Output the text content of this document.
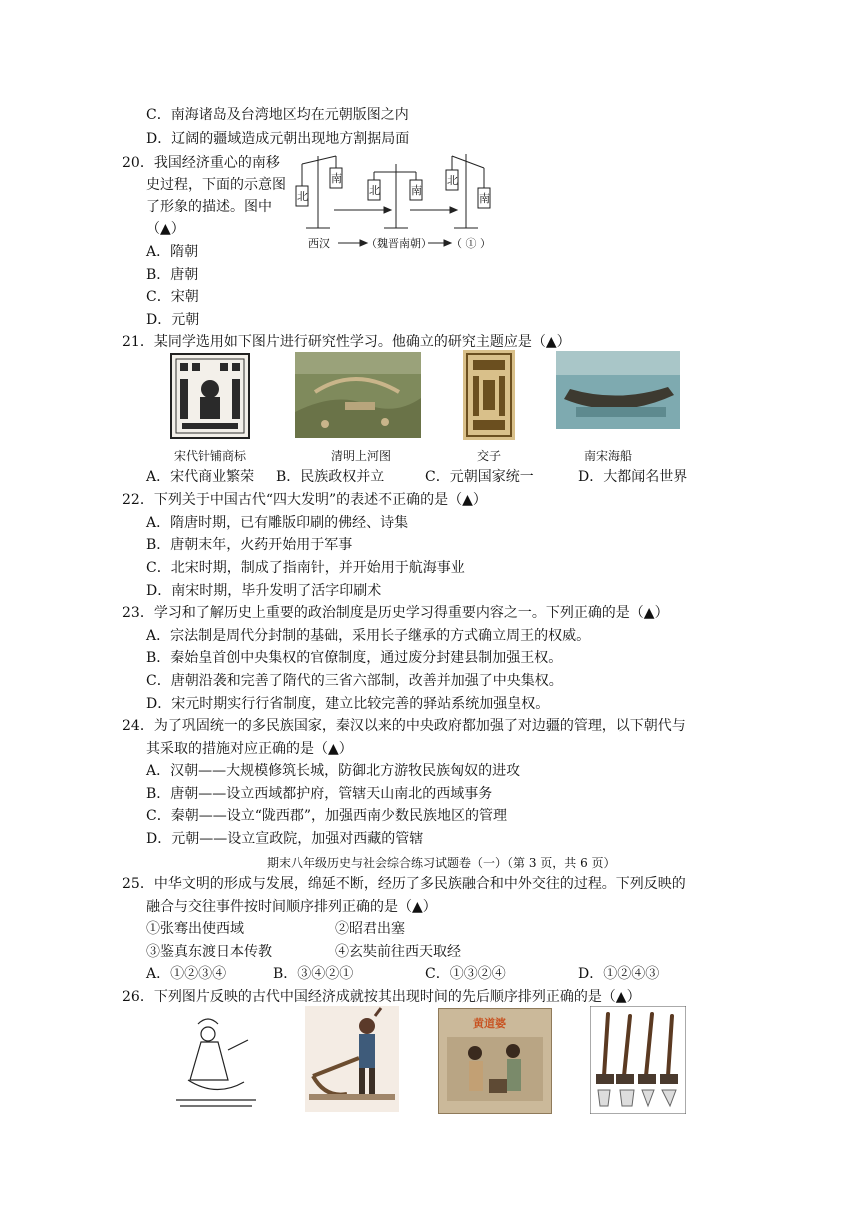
C．南海诸岛及台湾地区均在元朝版图之内
D．辽阔的疆域造成元朝出现地方割据局面
20．我国经济重心的南移
史过程，下面的示意图
了形象的描述。图中
（▲）
A．隋朝
B．唐朝
C．宋朝
D．元朝
北
南
北	南
北
南
西汉	（魏晋南朝） （ ① ）
21．某同学选用如下图片进行研究性学习。他确立的研究主题应是（▲）
宋代针铺商标	清明上河图	交子	南宋海船
A．宋代商业繁荣 B．民族政权并立	C．元朝国家统一	D．大都闻名世界
22．下列关于中国古代“四大发明”的表述不正确的是（▲）
A．隋唐时期，已有雕版印刷的佛经、诗集
B．唐朝末年，火药开始用于军事
C．北宋时期，制成了指南针，并开始用于航海事业
D．南宋时期，毕升发明了活字印刷术
23．学习和了解历史上重要的政治制度是历史学习得重要内容之一。下列正确的是（▲）
A．宗法制是周代分封制的基础，采用长子继承的方式确立周王的权威。
B．秦始皇首创中央集权的官僚制度，通过废分封建县制加强王权。
C．唐朝沿袭和完善了隋代的三省六部制，改善并加强了中央集权。
D．宋元时期实行行省制度，建立比较完善的驿站系统加强皇权。
24．为了巩固统一的多民族国家，秦汉以来的中央政府都加强了对边疆的管理，以下朝代与
其采取的措施对应正确的是（▲）
A．汉朝——大规模修筑长城，防御北方游牧民族匈奴的进攻
B．唐朝——设立西域都护府，管辖天山南北的西域事务
C．秦朝——设立“陇西郡”，加强西南少数民族地区的管理
D．元朝——设立宣政院，加强对西藏的管辖
期末八年级历史与社会综合练习试题卷（一）（第 3 页，共 6 页）
25．中华文明的形成与发展，绵延不断，经历了多民族融合和中外交往的过程。下列反映的
融合与交往事件按时间顺序排列正确的是（▲）
①张骞出使西域	②昭君出塞
③鉴真东渡日本传教	④玄奘前往西天取经
A．①②③④	B．③④②①	C．①③②④	D．①②④③
26．下列图片反映的古代中国经济成就按其出现时间的先后顺序排列正确的是（▲）
黄道婆
